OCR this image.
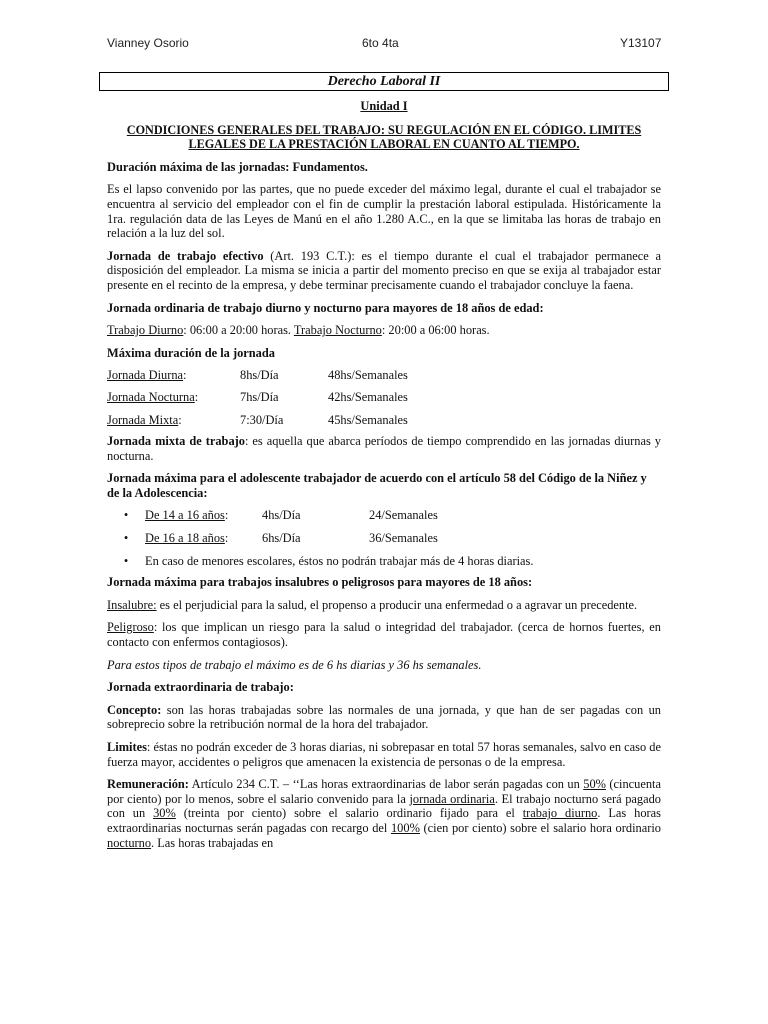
Vianney Osorio	6to 4ta	Y13107
Derecho Laboral II

Unidad I

CONDICIONES GENERALES DEL TRABAJO: SU REGULACIÓN EN EL CÓDIGO. LIMITES LEGALES DE LA PRESTACIÓN LABORAL EN CUANTO AL TIEMPO.

Duración máxima de las jornadas: Fundamentos.

Es el lapso convenido por las partes, que no puede exceder del máximo legal, durante el cual el trabajador se encuentra al servicio del empleador con el fin de cumplir la prestación laboral estipulada. Históricamente la 1ra. regulación data de las Leyes de Manú en el año 1.280 A.C., en la que se limitaba las horas de trabajo en relación a la luz del sol.

Jornada de trabajo efectivo (Art. 193 C.T.): es el tiempo durante el cual el trabajador permanece a disposición del empleador. La misma se inicia a partir del momento preciso en que se exija al trabajador estar presente en el recinto de la empresa, y debe terminar precisamente cuando el trabajador concluye la faena.

Jornada ordinaria de trabajo diurno y nocturno para mayores de 18 años de edad:

Trabajo Diurno: 06:00 a 20:00 horas. Trabajo Nocturno: 20:00 a 06:00 horas.

Máxima duración de la jornada

Jornada Diurna:	8hs/Día	48hs/Semanales
Jornada Nocturna:	7hs/Día	42hs/Semanales
Jornada Mixta:	7:30/Día	45hs/Semanales

Jornada mixta de trabajo: es aquella que abarca períodos de tiempo comprendido en las jornadas diurnas y nocturna.

Jornada máxima para el adolescente trabajador de acuerdo con el artículo 58 del Código de la Niñez y de la Adolescencia:

•	De 14 a 16 años:	4hs/Día	24/Semanales
•	De 16 a 18 años:	6hs/Día	36/Semanales
•	En caso de menores escolares, éstos no podrán trabajar más de 4 horas diarias.

Jornada máxima para trabajos insalubres o peligrosos para mayores de 18 años:

Insalubre: es el perjudicial para la salud, el propenso a producir una enfermedad o a agravar un precedente.

Peligroso: los que implican un riesgo para la salud o integridad del trabajador. (cerca de hornos fuertes, en contacto con enfermos contagiosos).

Para estos tipos de trabajo el máximo es de 6 hs diarias y 36 hs semanales.

Jornada extraordinaria de trabajo:

Concepto: son las horas trabajadas sobre las normales de una jornada, y que han de ser pagadas con un sobreprecio sobre la retribución normal de la hora del trabajador.

Limites: éstas no podrán exceder de 3 horas diarias, ni sobrepasar en total 57 horas semanales, salvo en caso de fuerza mayor, accidentes o peligros que amenacen la existencia de personas o de la empresa.

Remuneración: Artículo 234 C.T. – ‘‘Las horas extraordinarias de labor serán pagadas con un 50% (cincuenta por ciento) por lo menos, sobre el salario convenido para la jornada ordinaria. El trabajo nocturno será pagado con un 30% (treinta por ciento) sobre el salario ordinario fijado para el trabajo diurno. Las horas extraordinarias nocturnas serán pagadas con recargo del 100% (cien por ciento) sobre el salario hora ordinario nocturno. Las horas trabajadas en
